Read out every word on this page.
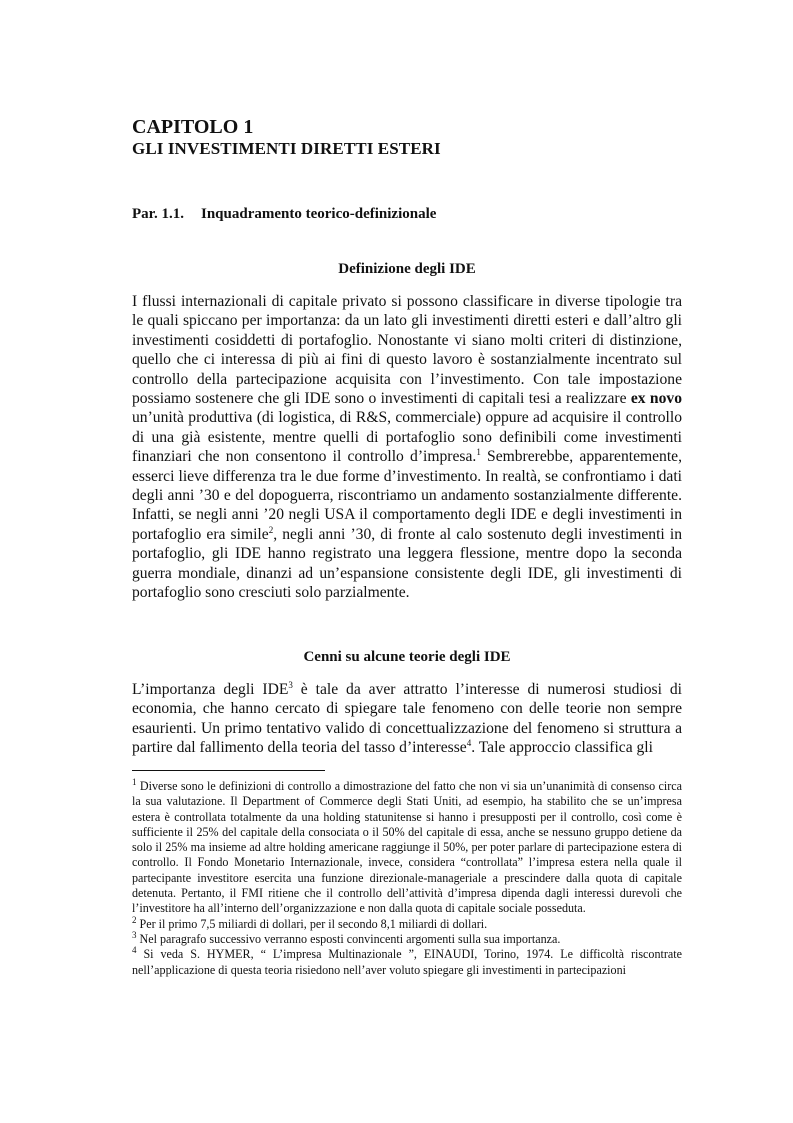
CAPITOLO 1
GLI INVESTIMENTI DIRETTI ESTERI
Par. 1.1. Inquadramento teorico-definizionale
Definizione degli IDE
I flussi internazionali di capitale privato si possono classificare in diverse tipologie tra le quali spiccano per importanza: da un lato gli investimenti diretti esteri e dall’altro gli investimenti cosiddetti di portafoglio. Nonostante vi siano molti criteri di distinzione, quello che ci interessa di più ai fini di questo lavoro è sostanzialmente incentrato sul controllo della partecipazione acquisita con l’investimento. Con tale impostazione possiamo sostenere che gli IDE sono o investimenti di capitali tesi a realizzare ex novo un’unità produttiva (di logistica, di R&S, commerciale) oppure ad acquisire il controllo di una già esistente, mentre quelli di portafoglio sono definibili come investimenti finanziari che non consentono il controllo d’impresa.$^1$ Sembrerebbe, apparentemente, esserci lieve differenza tra le due forme d’investimento. In realtà, se confrontiamo i dati degli anni ’30 e del dopoguerra, riscontriamo un andamento sostanzialmente differente. Infatti, se negli anni ’20 negli USA il comportamento degli IDE e degli investimenti in portafoglio era simile$^2$, negli anni ’30, di fronte al calo sostenuto degli investimenti in portafoglio, gli IDE hanno registrato una leggera flessione, mentre dopo la seconda guerra mondiale, dinanzi ad un’espansione consistente degli IDE, gli investimenti di portafoglio sono cresciuti solo parzialmente.
Cenni su alcune teorie degli IDE
L’importanza degli IDE$^3$ è tale da aver attratto l’interesse di numerosi studiosi di economia, che hanno cercato di spiegare tale fenomeno con delle teorie non sempre esaurienti. Un primo tentativo valido di concettualizzazione del fenomeno si struttura a partire dal fallimento della teoria del tasso d’interesse$^4$. Tale approccio classifica gli

$^1$ Diverse sono le definizioni di controllo a dimostrazione del fatto che non vi sia un’unanimità di consenso circa la sua valutazione. Il Department of Commerce degli Stati Uniti, ad esempio, ha stabilito che se un’impresa estera è controllata totalmente da una holding statunitense si hanno i presupposti per il controllo, così come è sufficiente il 25% del capitale della consociata o il 50% del capitale di essa, anche se nessuno gruppo detiene da solo il 25% ma insieme ad altre holding americane raggiunge il 50%, per poter parlare di partecipazione estera di controllo. Il Fondo Monetario Internazionale, invece, considera “controllata” l’impresa estera nella quale il partecipante investitore esercita una funzione direzionale-manageriale a prescindere dalla quota di capitale detenuta. Pertanto, il FMI ritiene che il controllo dell’attività d’impresa dipenda dagli interessi durevoli che l’investitore ha all’interno dell’organizzazione e non dalla quota di capitale sociale posseduta.

$^2$ Per il primo 7,5 miliardi di dollari, per il secondo 8,1 miliardi di dollari.

$^3$ Nel paragrafo successivo verranno esposti convincenti argomenti sulla sua importanza.

$^4$ Si veda S. HYMER, “ L’impresa Multinazionale ”, EINAUDI, Torino, 1974. Le difficoltà riscontrate nell’applicazione di questa teoria risiedono nell’aver voluto spiegare gli investimenti in partecipazioni
